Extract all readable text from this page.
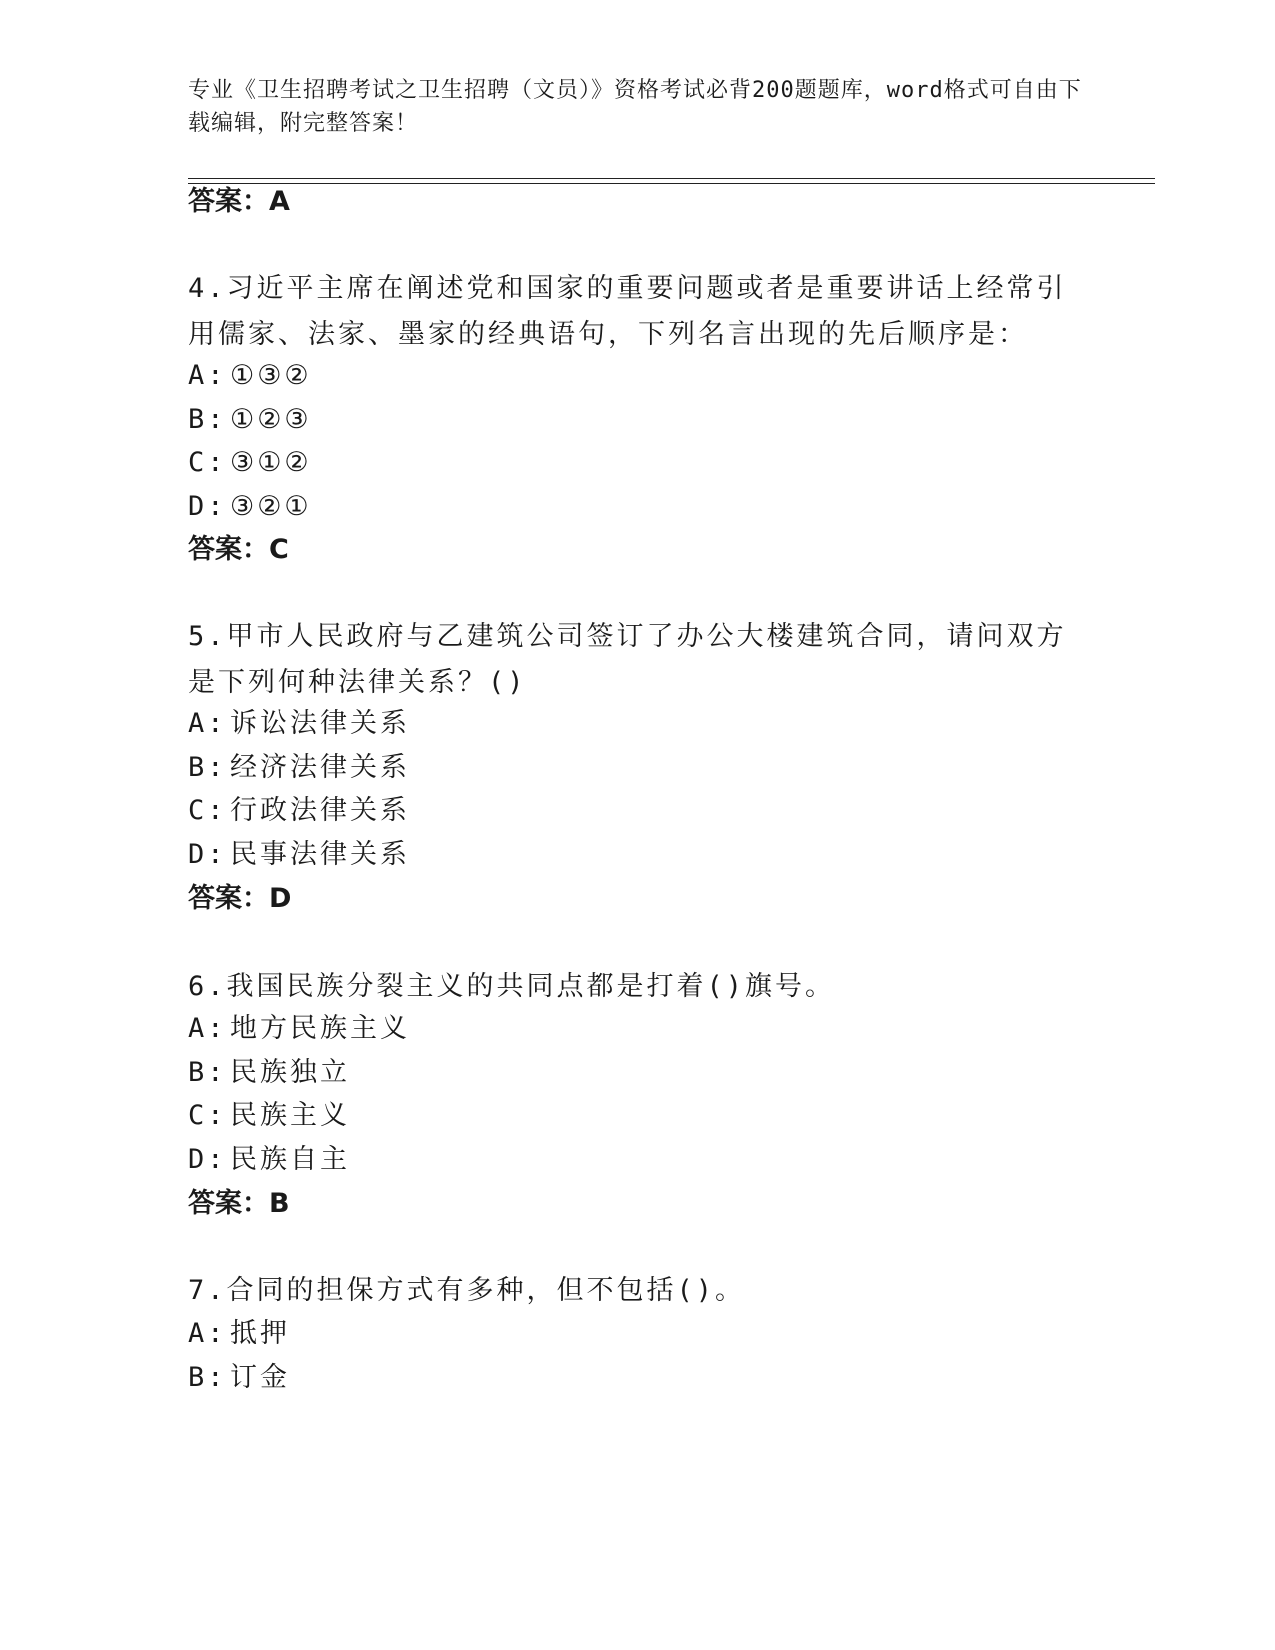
专业《卫生招聘考试之卫生招聘（文员）》资格考试必背200题题库，word格式可自由下载编辑，附完整答案！
答案：A
4.习近平主席在阐述党和国家的重要问题或者是重要讲话上经常引用儒家、法家、墨家的经典语句，下列名言出现的先后顺序是：
A: ①③②
B: ①②③
C: ③①②
D: ③②①
答案：C
5.甲市人民政府与乙建筑公司签订了办公大楼建筑合同，请问双方是下列何种法律关系？()
A: 诉讼法律关系
B: 经济法律关系
C: 行政法律关系
D: 民事法律关系
答案：D
6.我国民族分裂主义的共同点都是打着()旗号。
A: 地方民族主义
B: 民族独立
C: 民族主义
D: 民族自主
答案：B
7.合同的担保方式有多种，但不包括()。
A: 抵押
B: 订金
